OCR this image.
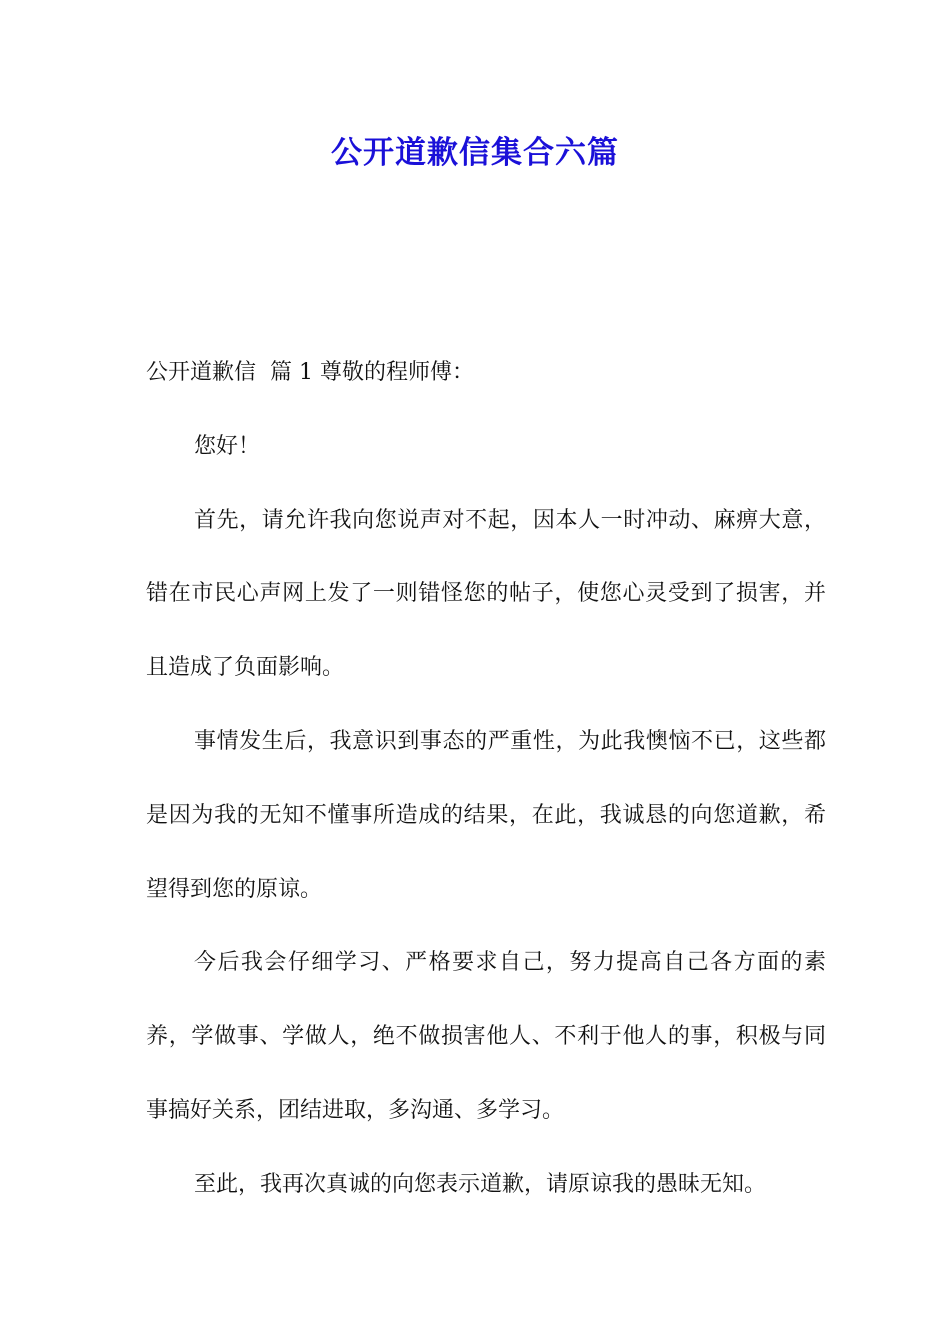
公开道歉信集合六篇

公开道歉信  篇 1 尊敬的程师傅：

您好！

首先，请允许我向您说声对不起，因本人一时冲动、麻痹大意，错在市民心声网上发了一则错怪您的帖子，使您心灵受到了损害，并且造成了负面影响。

事情发生后，我意识到事态的严重性，为此我懊恼不已，这些都是因为我的无知不懂事所造成的结果，在此，我诚恳的向您道歉，希望得到您的原谅。

今后我会仔细学习、严格要求自己，努力提高自己各方面的素养，学做事、学做人，绝不做损害他人、不利于他人的事，积极与同事搞好关系，团结进取，多沟通、多学习。

至此，我再次真诚的向您表示道歉，请原谅我的愚昧无知。
